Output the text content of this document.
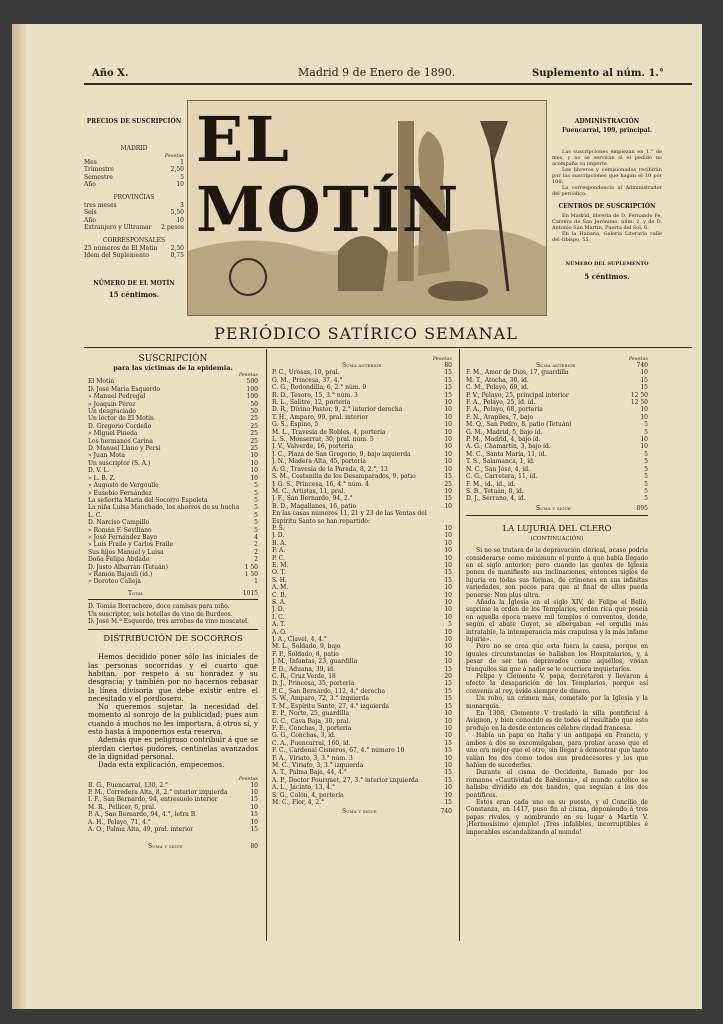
Año X.	Madrid 9 de Enero de 1890.	Suplemento al núm. 1.°
PRECIOS DE SUSCRIPCIÓN
MADRID
Pesetas
Mes	1
Trimestre	2,50
Semestre	5
Año	10
PROVINCIAS
tres meses	3
Seis	5,50
Año	10
Extranjero y Ultramar	2 pesos
CORRESPONSALES
25 números de El Motín	2,50
Idem del Suplemento	0,75
NÚMERO DE EL MOTÍN
15 céntimos.
EL MOTÍN
PERIÓDICO SATÍRICO SEMANAL
ADMINISTRACIÓN
Fuencarral, 109, principal.

Las suscripciones empiezan en 1.° de mes, y no se servirán si el pedido no acompaña su importe.

Los libreros y comisionados recibirán por las suscripciones que hagan el 10 por 100.

La correspondencia al Administrador del periódico.

CENTROS DE SUSCRIPCIÓN

En Madrid, librería de D. Fernando Fe, Carrera de San Jerónimo, núm. 2, y de D. Antonio San Martín, Puerta del Sol, 6.

En la Habana, Galería Literaria calle del Obispo, 55.

NÚMERO DEL SUPLEMENTO
5 céntimos.
SUSCRIPCIÓN
para las víctimas de la epidemia.
Pesetas
El Motín	500
D. José María Esquerdo	100
» Manuel Pedregal	100
» Joaquín Pérez	50
Un desgraciado	50
Un lector de El Motín	25
D. Gregorio Cordeño	25
» Miguel Pineda	25
Los hermanos Carina	25
D. Manuel Llano y Persi	25
» Juan Mota	10
Un suscriptor (S. A.)	10
D. V. L.	10
» L. B. Z.	10
» Augusto de Vergoulle	5
» Eusebio Fernández	5
La señorita María del Socorro Espeleta	5
La niña Luisa Manchado, los ahorros de su hucha	5
L. C.	5
D. Narciso Campillo	5
» Román F. Sevillano	5
» José Fernández Bayo	4
» Luis Fraile y Carlos Fraile	2
Sus hijos Manuel y Luisa	2
Doña Felipa Abdado	2
D. Justo Albarrán (Tetuán)	1 50
» Ramón Bajauli (íd.)	1 50
» Doroteo Calleja	1
Total	1015

D. Tomás Borrachero, doce camisas para niño.

Un suscriptor, seis botellas de vino de Burdeos.

D. José M.ª Esquerdo, tres arrobas de vino moscatel.

DISTRIBUCIÓN DE SOCORROS

Hemos decidido poner sólo las iniciales de las personas socorridas y el cuarto que habitan, por respeto á su honradez y su desgracia; y también por no hacernos rebasar la línea divisoria que debe existir entre el necesitado y el pordiosero.

No queremos sujetar la necesidad del momento al sonrojo de la publicidad; pues aun cuando á muchos no les importara, á otros sí, y esto basta á imponernos esta reserva.

Además que es peligroso contribuir á que se pierdan ciertos pudores, centinelas avanzados de la dignidad personal.

Dada esta explicación, empecemos.

Pesetas
B. G., Fuencarral, 130, 2.°	10
P. M., Corredera Alta, 8, 2.° interior izquierda	10
I. F., San Bernardo, 94, entresuelo interior	15
M. R., Pellicer, 6, pral.	10
P. A., San Bernardo, 94, 4.°, letra B.	15
A. H., Pelayo, 71, 4.°	10
A. O., Palma Alta, 49, pral. interior	15
Suma y sigue	80
Pesetas
Suma anterior	80
P. C., Urosas, 10, pral.	15
G. M., Princesa, 37, 4.°	15
C. G., Redondilla, 6, 2.° núm. 9	15
R. D., Tesoro, 15, 3.° núm. 3	15
R. L., Salitre, 12, portería	10
D. R., Divino Pastor, 9, 2.° interior derecha	10
T. H., Amparo, 99, pral. interior	10
G. S., Espino, 5	10
M. L., Travesía de Robles, 4, portería	10
L. S., Monserrat, 30, pral. núm. 5	10
J. V., Valverde, 16, portería	10
J. C., Plaza de San Gregorio, 9, bajo izquierda	10
J. N., Madera Alta, 45, portería	10
A. G., Travesía de la Parada, 8, 2.°, 13	10
S. M., Costanilla de los Desamparados, 9, patio	15
J. G. S., Princesa, 16, 4.° núm. 4	25
M. C., Artistas, 11, pral.	10
J. F., San Bernardo, 94, 2.°	15
B. D., Magallanes, 16, patio	10
En las casas números 11, 21 y 23 de las Ventas del Espíritu Santo se han repartido:
P. S.	10
J. D.	10
B. A.	10
F. A.	10
P. C.	10
E. M.	10
O. T.	15
S. H.	15
A. M.	10
C. B.	10
S. A.	10
J. D.	10
I. C.	10
A. T.	5
A. O.	10
J. A., Clavel, 4, 4.°	10
M. L., Soldado, 9, bajo	10
F. P., Soldado, 8, patio	10
J. M., Infantas, 23, guardilla	10
P. D., Aduana, 39, íd.	15
C. R., Cruz Verde, 18	20
D. J., Princesa, 35, portería	15
P. C., San Bernardo, 112, 4.° derecha	15
S. W., Amparo, 72, 3.° izquierda	15
T. M., Espíritu Santo, 27, 4.° izquierda	15
E. P., Norte, 25, guardilla	10
G. C., Cava Baja, 30, pral.	10
F. E., Conchas, 3, portería	10
G. G., Conchas, 3, íd.	10
C. A., Fuencarral, 160, íd.	15
F. C., Cardenal Cisneros, 67, 4.° número 10	15
F. A., Viriato, 3, 3.° núm. 3	10
M. C., Viriato, 3, 3.° izquierda	10
A. T., Palma Baja, 44, 4.°	15
A. P., Doctor Fourquet, 27, 3.° interior izquierda	15
A. L., Jacinto, 13, 4.°	10
S. G., Colón, 4, portería	10
M. C., Flor, 4, 2.°	15
Suma y sigue	740
Pesetas
Suma anterior	740
F. M., Amor de Dios, 17, guardilla	10
M. T., Atocha, 30, íd.	15
C. M., Pelayo, 69, íd.	15
P. V., Pelayo, 25, principal interior	12 50
F. A., Pelayo, 25, íd. íd.	12 50
F. A., Pelayo, 68, portería	10
F. N., Arapiles, 7, bajo	10
M. Q., San Pedro, 8, patio (Tetuán)	5
G. M., Madrid, 5, bajo íd.	5
P. M., Madrid, 4, bajo íd.	10
A. G., Chamartín, 3, bajo íd.	10
M. C., Santa María, 11, íd.	5
T. S., Salamanca, 1, íd.	5
N. C., San José, 4, íd.	5
C. G., Carretera, 11, íd.	5
F. M., íd., íd., íd.	5
S. B., Tetuán, 8, íd.	5
D. J., Serrano, 4, íd.	5
Suma y sigue	895
LA LUJURIA DEL CLERO
(CONTINUACIÓN)

Si no se tratara de la depravación clerical, acaso podría considerarse como máximum el punto á que había llegado en el siglo anterior; pero cuando las gentes de Iglesia ponen de manifiesto sus inclinaciones, entonces siglos de lujuria en todas sus formas, de crímenes en sus infinitas variedades, son pocos para que al final de ellos pueda ponerse: Non plus ultra.

Añada la Iglesia en el siglo XIV, de Felipe el Bello, suprime la orden de los Templarios, orden rica que poseía en aquella época nueve mil templos ó conventos, donde, según el abate Guyot, se albergaban «el orgullo más intratable, la intemperancia más crapulosa y la más infame lujuria».

Pero no se crea que esta fuera la causa, porque en iguales circunstancias se hallaban los Hospitalarios, y, á pesar de ser tan depravados como aquéllos, vivían tranquilos sin que á nadie se le ocurriera inquietarlos.

Felipe y Clemente V, papa, decretaron y llevaron á efecto la desaparición de los Templarios, porque así convenía al rey, ávido siempre de dinero.

Un robo, un crimen más, cometido por la Iglesia y la monarquía.

En 1308, Clemente V trasladó la silla pontificial á Avignon, y bien conocido es de todos el resultado que esto produjo en la desde entonces célebre ciudad francesa.

Había un papa en Italia y un antipapa en Francia, y ambos á dos se excomulgaban, para probar acaso que el uno era mejor que el otro, sin llegar á demostrar que tanto valían los dos como todos sus predecesores y los que habían de sucederles.

Durante el cisma de Occidente, llamado por los romanos «Cautividad de Babilonia», el mundo católico se hallaba dividido en dos bandos, que seguían á los dos pontífices.

Estos eran cada uno en su puesto, y el Concilio de Constanza, en 1417, puso fin al cisma, deponiendo á tres papas rivales, y nombrando en su lugar á Martín V. ¡Hermosísimo ejemplo! ¡Tres infalibles, incorruptibles é impecables escandalizando al mundo!
